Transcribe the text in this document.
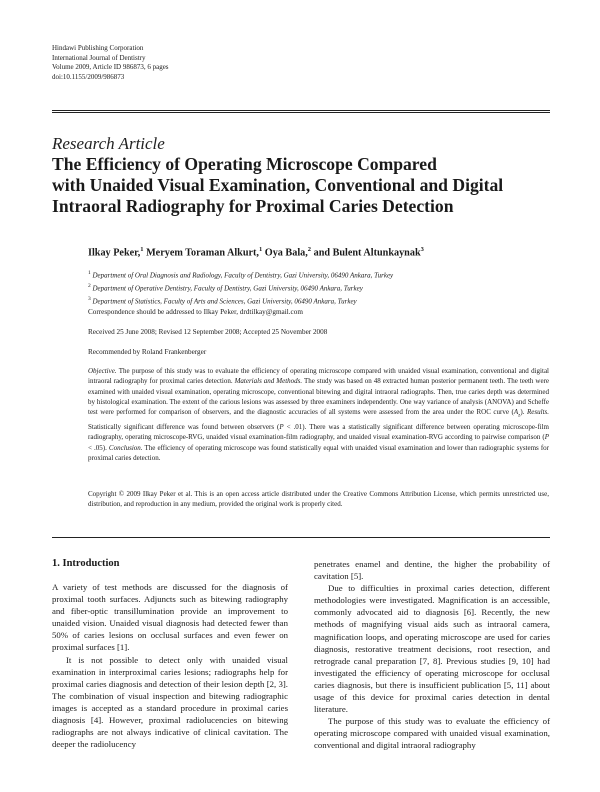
Hindawi Publishing Corporation
International Journal of Dentistry
Volume 2009, Article ID 986873, 6 pages
doi:10.1155/2009/986873
Research Article
The Efficiency of Operating Microscope Compared
with Unaided Visual Examination, Conventional and Digital
Intraoral Radiography for Proximal Caries Detection
Ilkay Peker,$^1$ Meryem Toraman Alkurt,$^1$ Oya Bala,$^2$ and Bulent Altunkaynak$^3$
$^1$ Department of Oral Diagnosis and Radiology, Faculty of Dentistry, Gazi University, 06490 Ankara, Turkey
$^2$ Department of Operative Dentistry, Faculty of Dentistry, Gazi University, 06490 Ankara, Turkey
$^3$ Department of Statistics, Faculty of Arts and Sciences, Gazi University, 06490 Ankara, Turkey
Correspondence should be addressed to Ilkay Peker, drdtilkay@gmail.com
Received 25 June 2008; Revised 12 September 2008; Accepted 25 November 2008
Recommended by Roland Frankenberger
Objective. The purpose of this study was to evaluate the efficiency of operating microscope compared with unaided visual examination, conventional and digital intraoral radiography for proximal caries detection. Materials and Methods. The study was based on 48 extracted human posterior permanent teeth. The teeth were examined with unaided visual examination, operating microscope, conventional bitewing and digital intraoral radiographs. Then, true caries depth was determined by histological examination. The extent of the carious lesions was assessed by three examiners independently. One way variance of analysis (ANOVA) and Scheffe test were performed for comparison of observers, and the diagnostic accuracies of all systems were assessed from the area under the ROC curve $(A_z)$. Results. Statistically significant difference was found between observers (P < .01). There was a statistically significant difference between operating microscope-film radiography, operating microscope-RVG, unaided visual examination-film radiography, and unaided visual examination-RVG according to pairwise comparison (P < .05). Conclusion. The efficiency of operating microscope was found statistically equal with unaided visual examination and lower than radiographic systems for proximal caries detection.
Copyright © 2009 Ilkay Peker et al. This is an open access article distributed under the Creative Commons Attribution License, which permits unrestricted use, distribution, and reproduction in any medium, provided the original work is properly cited.
1. Introduction

A variety of test methods are discussed for the diagnosis of proximal tooth surfaces. Adjuncts such as bitewing radiography and fiber-optic transillumination provide an improvement to unaided vision. Unaided visual diagnosis had detected fewer than 50% of caries lesions on occlusal surfaces and even fewer on proximal surfaces [1].

It is not possible to detect only with unaided visual examination in interproximal caries lesions; radiographs help for proximal caries diagnosis and detection of their lesion depth [2, 3]. The combination of visual inspection and bitewing radiographic images is accepted as a standard procedure in proximal caries diagnosis [4]. However, proximal radiolucencies on bitewing radiographs are not always indicative of clinical cavitation. The deeper the radiolucency

penetrates enamel and dentine, the higher the probability of cavitation [5].

Due to difficulties in proximal caries detection, different methodologies were investigated. Magnification is an accessible, commonly advocated aid to diagnosis [6]. Recently, the new methods of magnifying visual aids such as intraoral camera, magnification loops, and operating microscope are used for caries diagnosis, restorative treatment decisions, root resection, and retrograde canal preparation [7, 8]. Previous studies [9, 10] had investigated the efficiency of operating microscope for occlusal caries diagnosis, but there is insufficient publication [5, 11] about usage of this device for proximal caries detection in dental literature.

The purpose of this study was to evaluate the efficiency of operating microscope compared with unaided visual examination, conventional and digital intraoral radiography
